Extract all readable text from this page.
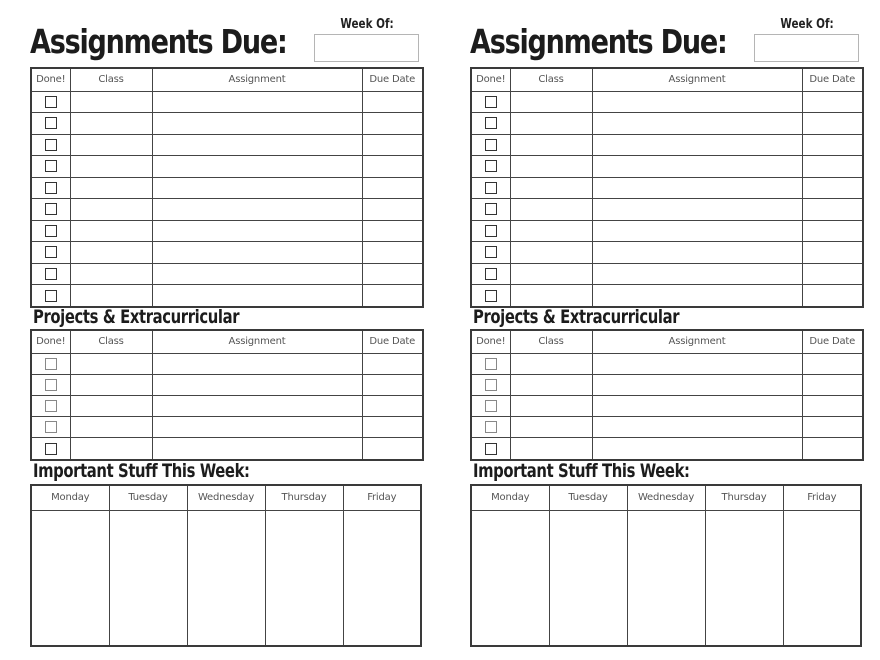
Assignments Due:	Week Of:
Done!	Class	Assignment	Due Date

Projects & Extracurricular
Done!	Class	Assignment	Due Date

Important Stuff This Week:
Monday	Tuesday	Wednesday	Thursday	Friday

Assignments Due:	Week Of:
Done!	Class	Assignment	Due Date

Projects & Extracurricular
Done!	Class	Assignment	Due Date

Important Stuff This Week:
Monday	Tuesday	Wednesday	Thursday	Friday
